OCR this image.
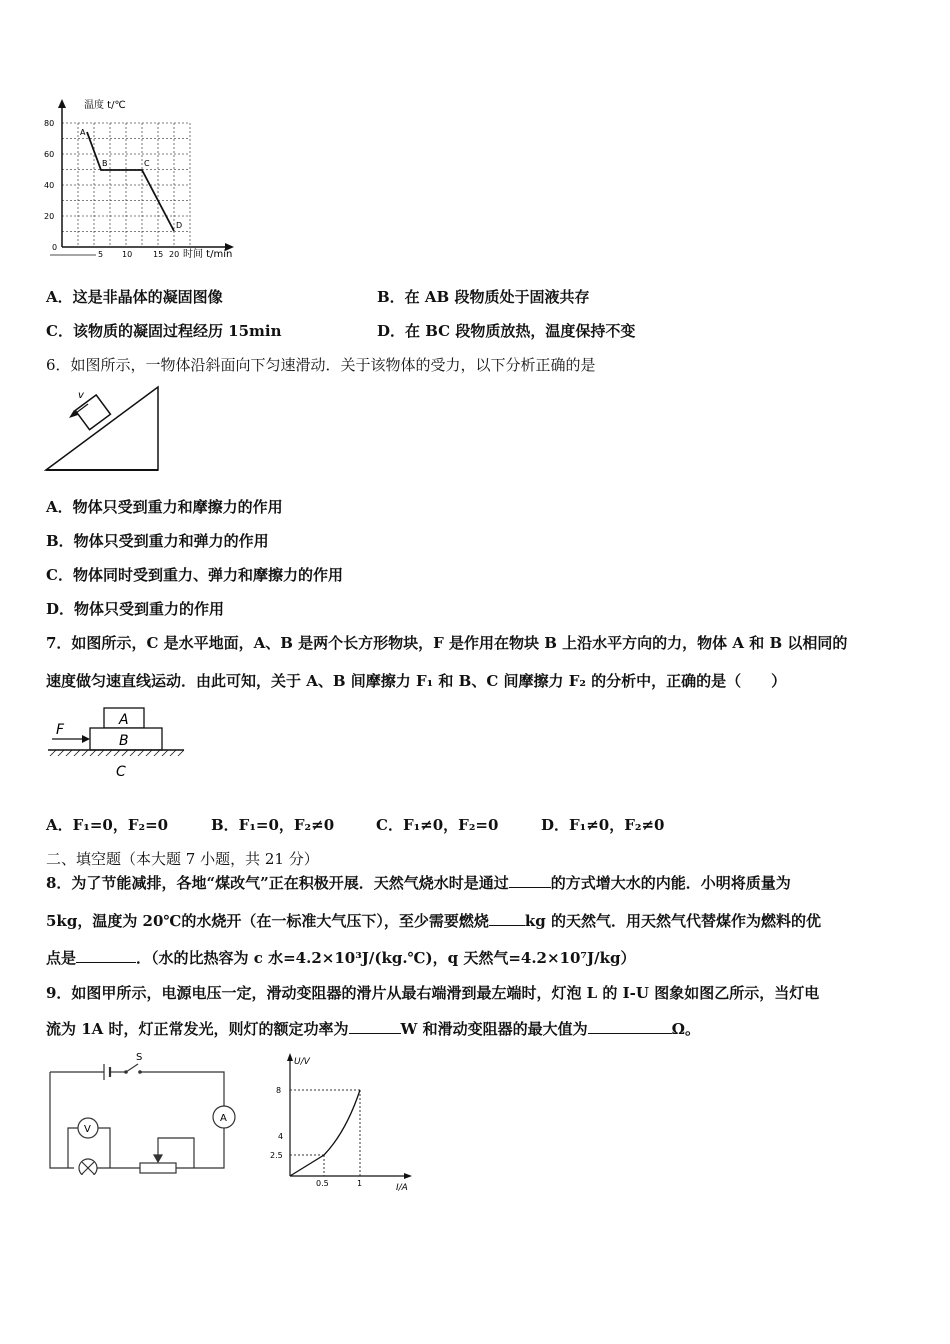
温度 t/℃
时间 t/min
80
60
40
20
0
5 10	15 20
A
B	C
D
A．这是非晶体的凝固图像	B．在 AB 段物质处于固液共存
C．该物质的凝固过程经历 15min	D．在 BC 段物质放热，温度保持不变
6．如图所示，一物体沿斜面向下匀速滑动．关于该物体的受力，以下分析正确的是
v
A．物体只受到重力和摩擦力的作用
B．物体只受到重力和弹力的作用
C．物体同时受到重力、弹力和摩擦力的作用
D．物体只受到重力的作用
7．如图所示，C 是水平地面，A、B 是两个长方形物块，F 是作用在物块 B 上沿水平方向的力，物体 A 和 B 以相同的
速度做匀速直线运动．由此可知，关于 A、B 间摩擦力 F₁ 和 B、C 间摩擦力 F₂ 的分析中，正确的是（　　）
F
A
B
C
A．F₁=0，F₂=0	B．F₁=0，F₂≠0	C．F₁≠0，F₂=0	D．F₁≠0，F₂≠0
二、填空题（本大题 7 小题，共 21 分）
8．为了节能减排，各地“煤改气”正在积极开展．天然气烧水时是通过	的方式增大水的内能．小明将质量为
5kg，温度为 20℃的水烧开（在一标准大气压下），至少需要燃烧 kg 的天然气．用天然气代替煤作为燃料的优
点是	．（水的比热容为 c 水=4.2×10³J/(kg.℃)，q 天然气=4.2×10⁷J/kg）
9．如图甲所示，电源电压一定，滑动变阻器的滑片从最右端滑到最左端时，灯泡 L 的 I-U 图象如图乙所示，当灯电
流为 1A 时，灯正常发光，则灯的额定功率为	W 和滑动变阻器的最大值为	Ω。
S
V
A
U/V
I/A
8
4
2.5
0.5	1
